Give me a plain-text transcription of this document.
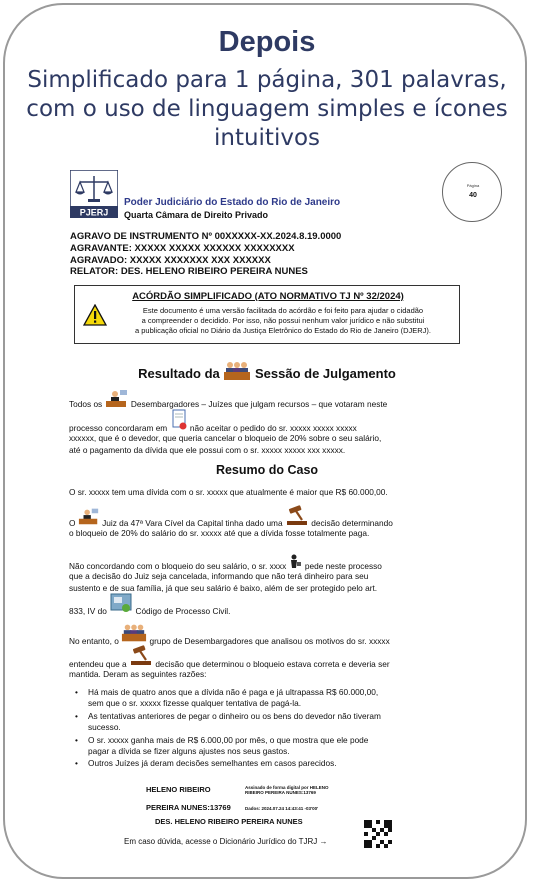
Depois
Simplificado para 1 página, 301 palavras, com o uso de linguagem simples e ícones intuitivos
PJERJ
Poder Judiciário do Estado do Rio de Janeiro
Quarta Câmara de Direito Privado
Página
40
AGRAVO DE INSTRUMENTO Nº 00XXXXX-XX.2024.8.19.0000
AGRAVANTE: XXXXX XXXXX XXXXXX XXXXXXXX
AGRAVADO: XXXXX XXXXXXX XXX XXXXXX
RELATOR: DES. HELENO RIBEIRO PEREIRA NUNES
ACÓRDÃO SIMPLIFICADO (ATO NORMATIVO TJ Nº 32/2024)
Este documento é uma versão facilitada do acórdão e foi feito para ajudar o cidadão
a compreender o decidido. Por isso, não possui nenhum valor jurídico e não substitui
a publicação oficial no Diário da Justiça Eletrônico do Estado do Rio de Janeiro (DJERJ).
Resultado da	Sessão de Julgamento
Todos os	Desembargadores – Juízes que julgam recursos – que votaram neste
processo concordaram em	não aceitar o pedido do sr. xxxxx xxxxx xxxxx
xxxxxx, que é o devedor, que queria cancelar o bloqueio de 20% sobre o seu salário,
até o pagamento da dívida que ele possui com o sr. xxxxx xxxxx xxx xxxxx.
Resumo do Caso
O sr. xxxxx tem uma dívida com o sr. xxxxx que atualmente é maior que R$ 60.000,00.
O	Juiz da 47ª Vara Cível da Capital tinha dado uma	decisão determinando
o bloqueio de 20% do salário do sr. xxxxx até que a dívida fosse totalmente paga.
Não concordando com o bloqueio do seu salário, o sr. xxxx pede neste processo
que a decisão do Juiz seja cancelada, informando que não terá dinheiro para seu
sustento e de sua família, já que seu salário é baixo, além de ser protegido pelo art.
833, IV do	Código de Processo Civil.
No entanto, o	grupo de Desembargadores que analisou os motivos do sr. xxxxx
entendeu que a	decisão que determinou o bloqueio estava correta e deveria ser
mantida. Deram as seguintes razões:
• Há mais de quatro anos que a dívida não é paga e já ultrapassa R$ 60.000,00,
sem que o sr. xxxxx fizesse qualquer tentativa de pagá-la.
• As tentativas anteriores de pegar o dinheiro ou os bens do devedor não tiveram
sucesso.
• O sr. xxxxx ganha mais de R$ 6.000,00 por mês, o que mostra que ele pode
pagar a dívida se fizer alguns ajustes nos seus gastos.
• Outros Juízes já deram decisões semelhantes em casos parecidos.
HELENO RIBEIRO
PEREIRA NUNES:13769
Assinado de forma digital por HELENO
RIBEIRO PEREIRA NUNES:13769
Dados: 2024.07.24 14:43:41 -03'00'
DES. HELENO RIBEIRO PEREIRA NUNES
Em caso dúvida, acesse o Dicionário Jurídico do TJRJ →
